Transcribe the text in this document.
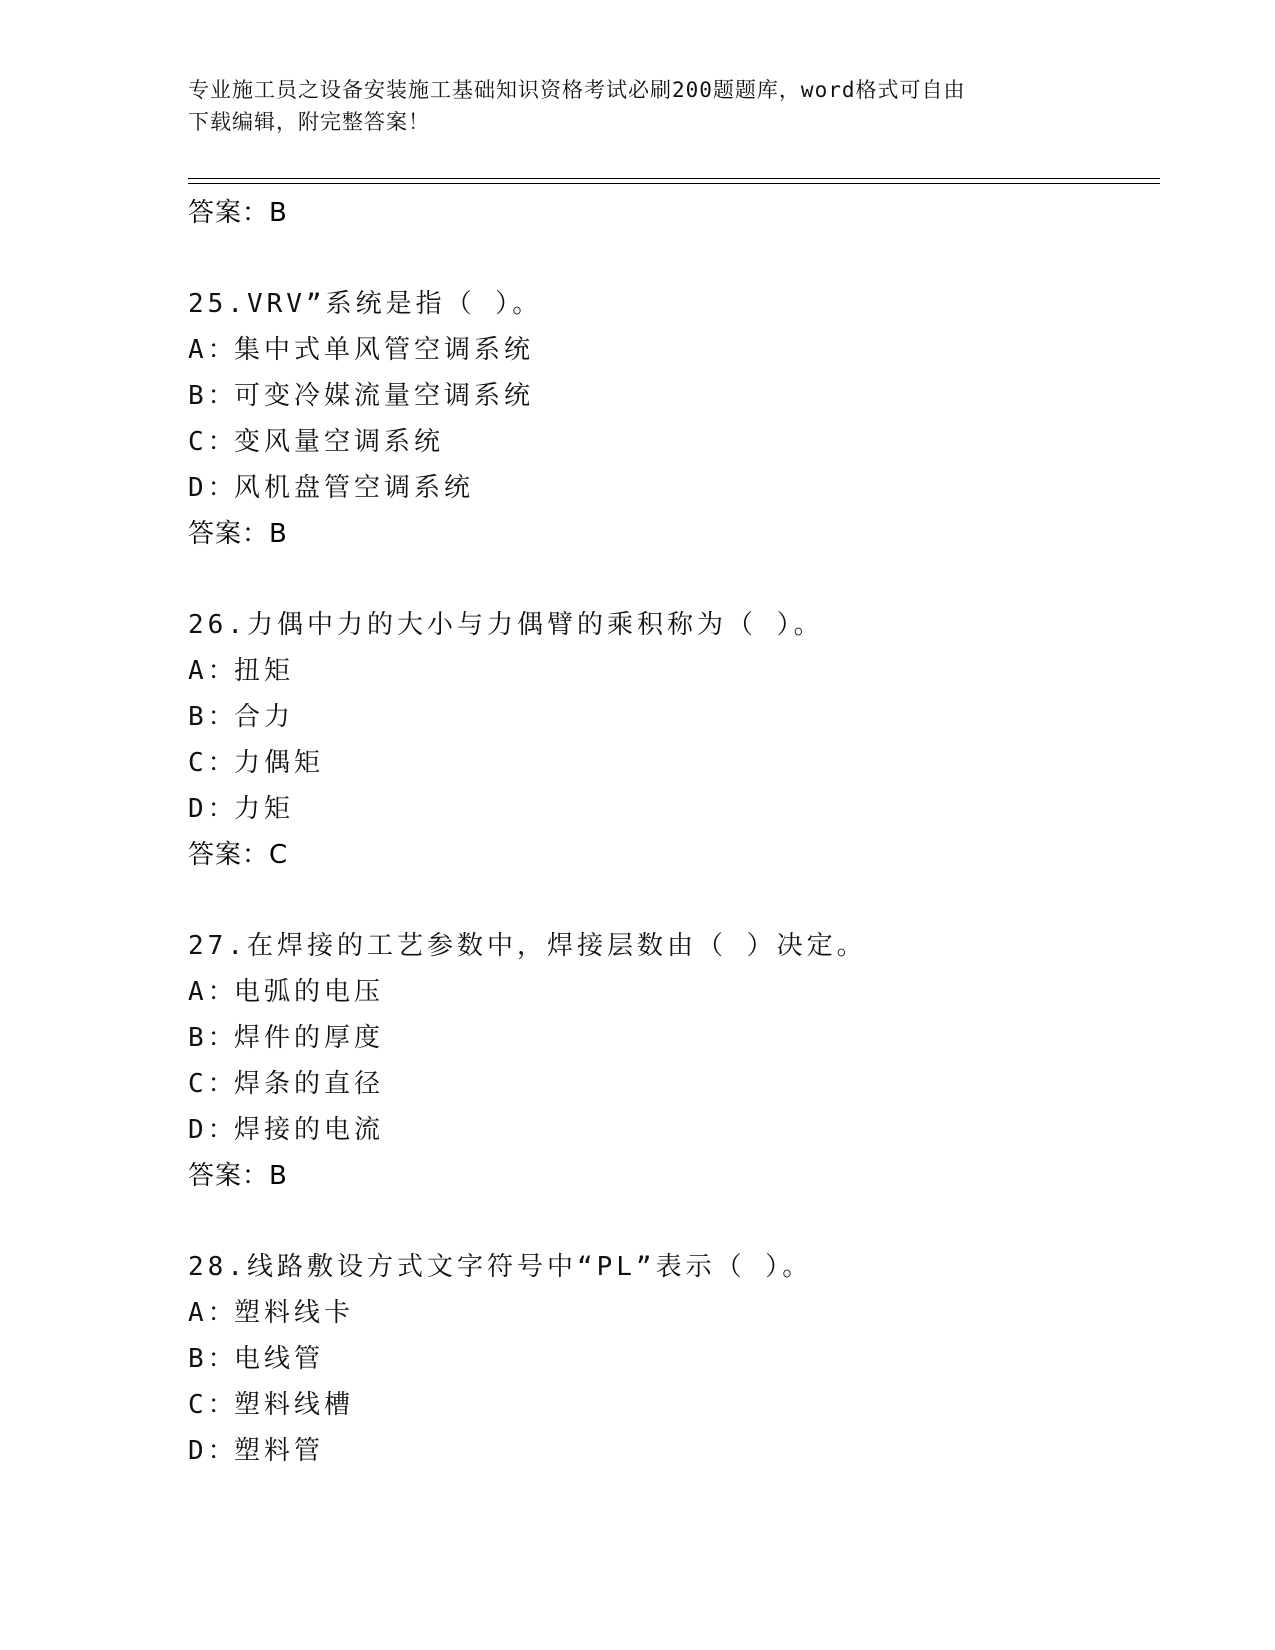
专业施工员之设备安装施工基础知识资格考试必刷200题题库，word格式可自由
下载编辑，附完整答案！
答案：B
25 . VRV”系统是指（ ）。
A：集中式单风管空调系统
B：可变冷媒流量空调系统
C：变风量空调系统
D：风机盘管空调系统
答案：B
26 . 力偶中力的大小与力偶臂的乘积称为（ ）。
A：扭矩
B：合力
C：力偶矩
D：力矩
答案：C
27 . 在焊接的工艺参数中，焊接层数由（ ）决定。
A：电弧的电压
B：焊件的厚度
C：焊条的直径
D：焊接的电流
答案：B
28 . 线路敷设方式文字符号中“PL”表示（ ）。
A：塑料线卡
B：电线管
C：塑料线槽
D：塑料管
